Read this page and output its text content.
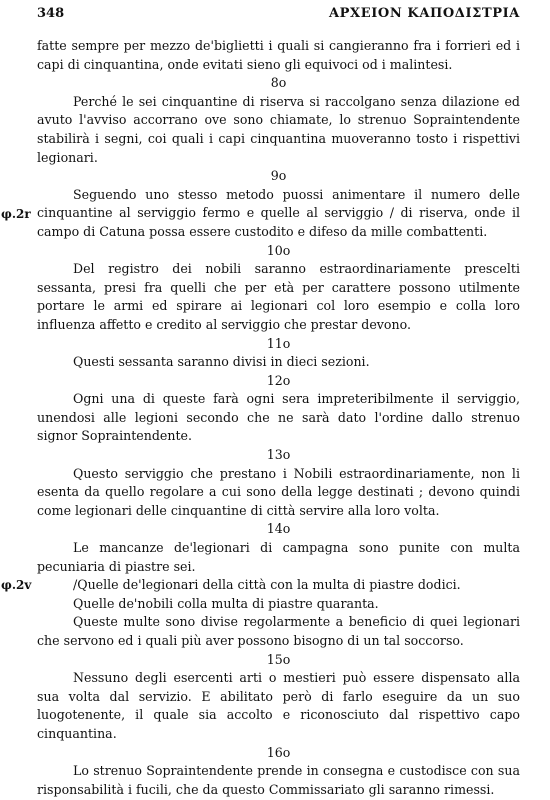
348	ΑΡΧΕΙΟΝ ΚΑΠΟΔΙΣΤΡΙΑ

fatte sempre per mezzo de'biglietti i quali si cangieranno fra i forrieri ed i capi di cinquantina, onde evitati sieno gli equivoci od i malintesi.

8o

Perché le sei cinquantine di riserva si raccolgano senza dilazione ed avuto l'avviso accorrano ove sono chiamate, lo strenuo Sopraintendente stabilirà i segni, coi quali i capi cinquantina muoveranno tosto i rispettivi legionari.

9o

φ.2r

Seguendo uno stesso metodo puossi animentare il numero delle cinquantine al serviggio fermo e quelle al serviggio / di riserva, onde il campo di Catuna possa essere custodito e difeso da mille combattenti.

10o

Del registro dei nobili saranno estraordinariamente prescelti sessanta, presi fra quelli che per età per carattere possono utilmente portare le armi ed spirare ai legionari col loro esempio e colla loro influenza affetto e credito al serviggio che prestar devono.

11o

Questi sessanta saranno divisi in dieci sezioni.

12o

Ogni una di queste farà ogni sera impreteribilmente il serviggio, unendosi alle legioni secondo che ne sarà dato l'ordine dallo strenuo signor Sopraintendente.

13o

Questo serviggio che prestano i Nobili estraordinariamente, non li esenta da quello regolare a cui sono della legge destinati ; devono quindi come legionari delle cinquantine di città servire alla loro volta.

14o

Le mancanze de'legionari di campagna sono punite con multa pecuniaria di piastre sei.

φ.2v	/Quelle de'legionari della città con la multa di piastre dodici.

Quelle de'nobili colla multa di piastre quaranta.

Queste multe sono divise regolarmente a beneficio di quei legionari che servono ed i quali più aver possono bisogno di un tal soccorso.

15o

Nessuno degli esercenti arti o mestieri può essere dispensato alla sua volta dal servizio. E abilitato però di farlo eseguire da un suo luogotenente, il quale sia accolto e riconosciuto dal rispettivo capo cinquantina.

16o

Lo strenuo Sopraintendente prende in consegna e custodisce con sua risponsabilità i fucili, che da questo Commissariato gli saranno rimessi.
